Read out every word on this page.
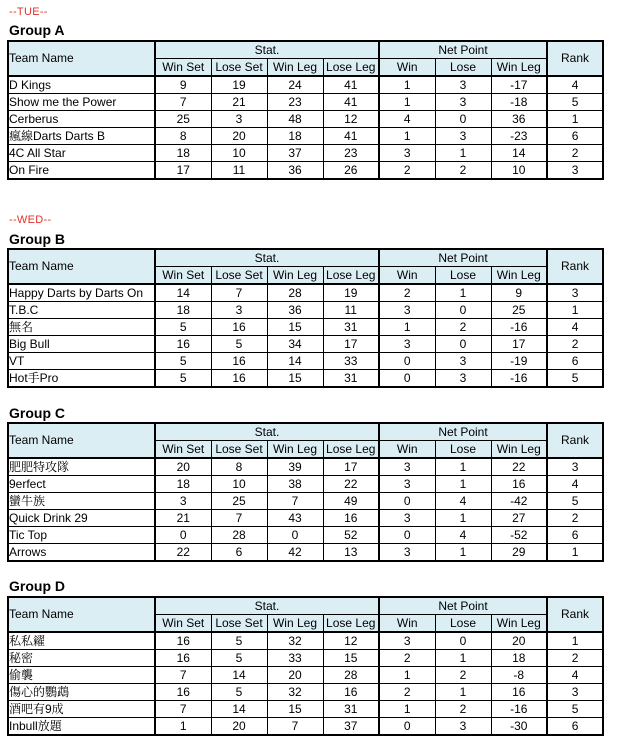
--TUE--
Group A
Team Name	Stat.				Net Point			Rank
	Win Set	Lose Set	Win Leg	Lose Leg	Win	Lose	Win Leg	
D Kings	9	19	24	41	1	3	-17	4
Show me the Power	7	21	23	41	1	3	-18	5
Cerberus	25	3	48	12	4	0	36	1
瘋線Darts Darts B	8	20	18	41	1	3	-23	6
4C All Star	18	10	37	23	3	1	14	2
On Fire	17	11	36	26	2	2	10	3
--WED--
Group B
Team Name	Stat.				Net Point			Rank
	Win Set	Lose Set	Win Leg	Lose Leg	Win	Lose	Win Leg	
Happy Darts by Darts On	14	7	28	19	2	1	9	3
T.B.C	18	3	36	11	3	0	25	1
無名	5	16	15	31	1	2	-16	4
Big Bull	16	5	34	17	3	0	17	2
VT	5	16	14	33	0	3	-19	6
Hot手Pro	5	16	15	31	0	3	-16	5
Group C
Team Name	Stat.				Net Point			Rank
	Win Set	Lose Set	Win Leg	Lose Leg	Win	Lose	Win Leg	
肥肥特攻隊	20	8	39	17	3	1	22	3
9erfect	18	10	38	22	3	1	16	4
蠻牛族	3	25	7	49	0	4	-42	5
Quick Drink 29	21	7	43	16	3	1	27	2
Tic Top	0	28	0	52	0	4	-52	6
Arrows	22	6	42	13	3	1	29	1
Group D
Team Name	Stat.				Net Point			Rank
	Win Set	Lose Set	Win Leg	Lose Leg	Win	Lose	Win Leg	
私私糴	16	5	32	12	3	0	20	1
秘密	16	5	33	15	2	1	18	2
偷襲	7	14	20	28	1	2	-8	4
傷心的鸚鵡	16	5	32	16	2	1	16	3
酒吧有9成	7	14	15	31	1	2	-16	5
Inbull放題	1	20	7	37	0	3	-30	6
